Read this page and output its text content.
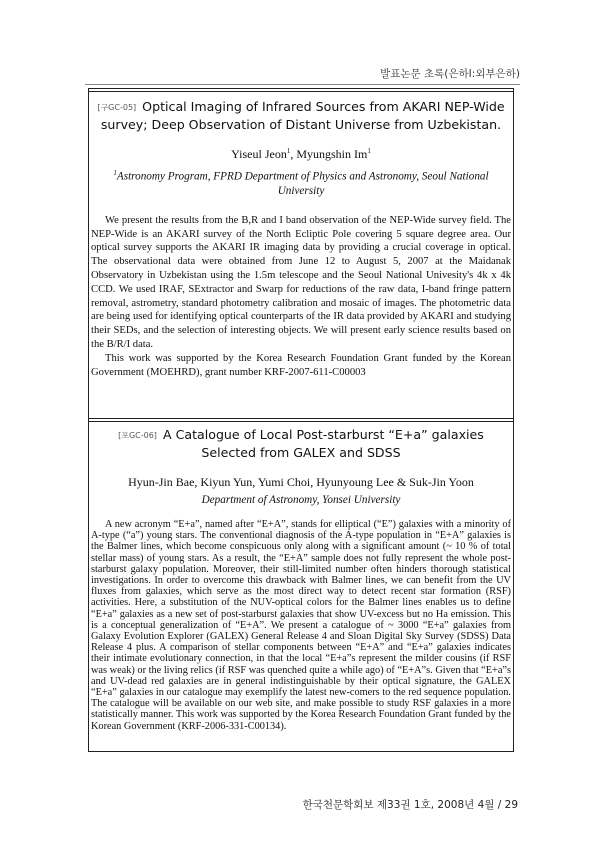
발표논문 초록(은하Ⅰ:외부은하)
[구GC-05] Optical Imaging of Infrared Sources from AKARI NEP-Wide survey; Deep Observation of Distant Universe from Uzbekistan.
Yiseul Jeon$^1$, Myungshin Im$^1$
$^1$Astronomy Program, FPRD Department of Physics and Astronomy, Seoul National University

We present the results from the B,R and I band observation of the NEP-Wide survey field. The NEP-Wide is an AKARI survey of the North Ecliptic Pole covering 5 square degree area. Our optical survey supports the AKARI IR imaging data by providing a crucial coverage in optical. The observational data were obtained from June 12 to August 5, 2007 at the Maidanak Observatory in Uzbekistan using the 1.5m telescope and the Seoul National Univesity's 4k x 4k CCD. We used IRAF, SExtractor and Swarp for reductions of the raw data, I-band fringe pattern removal, astrometry, standard photometry calibration and mosaic of images. The photometric data are being used for identifying optical counterparts of the IR data provided by AKARI and studying their SEDs, and the selection of interesting objects. We will present early science results based on the B/R/I data.

This work was supported by the Korea Research Foundation Grant funded by the Korean Government (MOEHRD), grant number KRF-2007-611-C00003

[포GC-06] A Catalogue of Local Post-starburst “E+a” galaxies Selected from GALEX and SDSS
Hyun-Jin Bae, Kiyun Yun, Yumi Choi, Hyunyoung Lee & Suk-Jin Yoon
Department of Astronomy, Yonsei University

A new acronym “E+a”, named after “E+A”, stands for elliptical (“E”) galaxies with a minority of A-type (“a”) young stars. The conventional diagnosis of the A-type population in “E+A” galaxies is the Balmer lines, which become conspicuous only along with a significant amount (~ 10 % of total stellar mass) of young stars. As a result, the “E+A” sample does not fully represent the whole post-starburst galaxy population. Moreover, their still-limited number often hinders thorough statistical investigations. In order to overcome this drawback with Balmer lines, we can benefit from the UV fluxes from galaxies, which serve as the most direct way to detect recent star formation (RSF) activities. Here, a substitution of the NUV-optical colors for the Balmer lines enables us to define “E+a” galaxies as a new set of post-starburst galaxies that show UV-excess but no Ha emission. This is a conceptual generalization of “E+A”. We present a catalogue of ~ 3000 “E+a” galaxies from Galaxy Evolution Explorer (GALEX) General Release 4 and Sloan Digital Sky Survey (SDSS) Data Release 4 plus. A comparison of stellar components between “E+A” and “E+a” galaxies indicates their intimate evolutionary connection, in that the local “E+a”s represent the milder cousins (if RSF was weak) or the living relics (if RSF was quenched quite a while ago) of “E+A”s. Given that “E+a”s and UV-dead red galaxies are in general indistinguishable by their optical signature, the GALEX “E+a” galaxies in our catalogue may exemplify the latest new-comers to the red sequence population. The catalogue will be available on our web site, and make possible to study RSF galaxies in a more statistically manner. This work was supported by the Korea Research Foundation Grant funded by the Korean Government (KRF-2006-331-C00134).

한국천문학회보 제33권 1호, 2008년 4월 / 29
